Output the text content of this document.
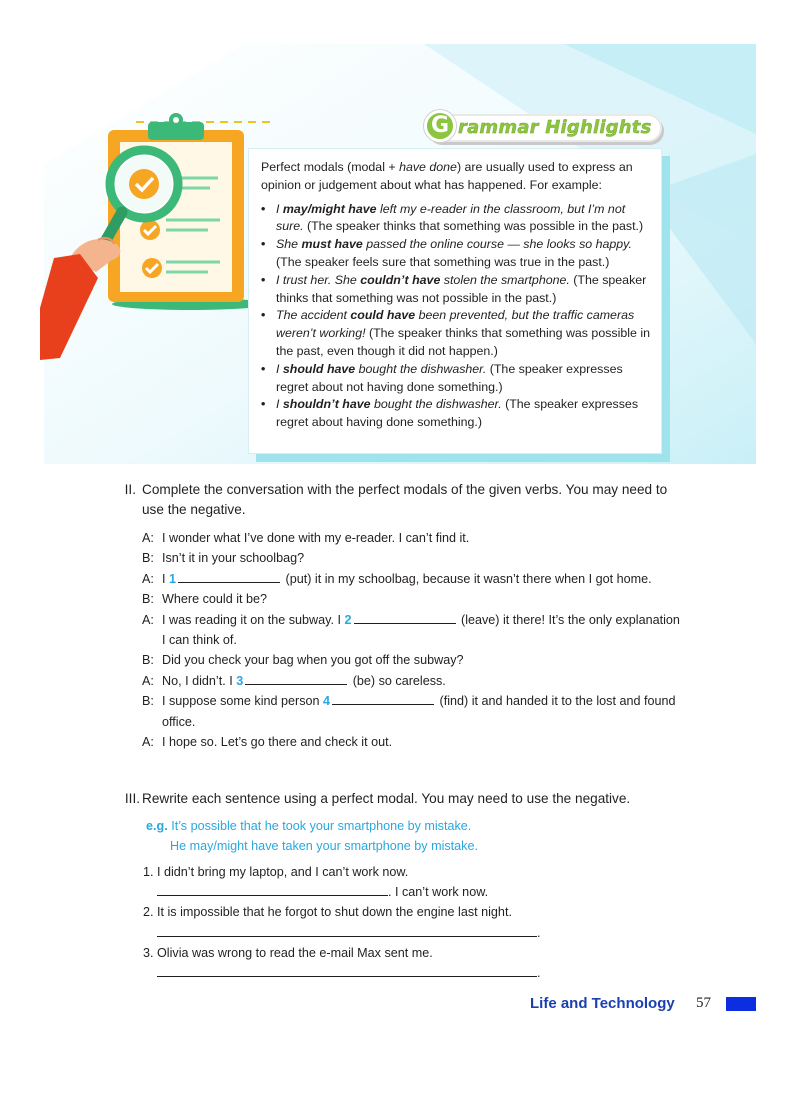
G rammar Highlights

Perfect modals (modal + have done) are usually used to express an opinion or judgement about what has happened. For example:

• I may/might have left my e-reader in the classroom, but I’m not sure. (The speaker thinks that something was possible in the past.)
• She must have passed the online course — she looks so happy. (The speaker feels sure that something was true in the past.)
• I trust her. She couldn’t have stolen the smartphone. (The speaker thinks that something was not possible in the past.)
• The accident could have been prevented, but the traffic cameras weren’t working! (The speaker thinks that something was possible in the past, even though it did not happen.)
• I should have bought the dishwasher. (The speaker expresses regret about not having done something.)
• I shouldn’t have bought the dishwasher. (The speaker expresses regret about having done something.)
II. Complete the conversation with the perfect modals of the given verbs. You may need to use the negative.
A: I wonder what I’ve done with my e-reader. I can’t find it.
B: Isn’t it in your schoolbag?
A: I 1	(put) it in my schoolbag, because it wasn’t there when I got home.
B: Where could it be?
A: I was reading it on the subway. I 2	(leave) it there! It’s the only explanation I can think of.
B: Did you check your bag when you got off the subway?
A: No, I didn’t. I 3	(be) so careless.
B: I suppose some kind person 4	(find) it and handed it to the lost and found office.
A: I hope so. Let’s go there and check it out.
III. Rewrite each sentence using a perfect modal. You may need to use the negative.
e.g. It’s possible that he took your smartphone by mistake.
He may/might have taken your smartphone by mistake.
1. I didn’t bring my laptop, and I can’t work now.
. I can’t work now.
2. It is impossible that he forgot to shut down the engine last night.
.
3. Olivia was wrong to read the e-mail Max sent me.
.
Life and Technology 57
